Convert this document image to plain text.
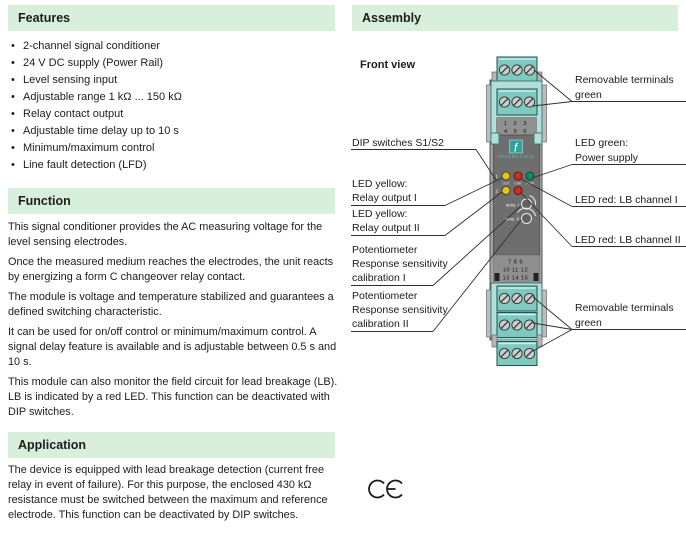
Features
• 2-channel signal conditioner
• 24 V DC supply (Power Rail)
• Level sensing input
• Adjustable range 1 kΩ ... 150 kΩ
• Relay contact output
• Adjustable time delay up to 10 s
• Minimum/maximum control
• Line fault detection (LFD)
Function

This signal conditioner provides the AC measuring voltage for the level sensing electrodes.

Once the measured medium reaches the electrodes, the unit reacts by energizing a form C changeover relay contact.

The module is voltage and temperature stabilized and guarantees a defined switching characteristic.

It can be used for on/off control or minimum/maximum control. A signal delay feature is available and is adjustable between 0.5 s and 10 s.

This module can also monitor the field circuit for lead breakage (LB). LB is indicated by a red LED. This function can be deactivated with DIP switches.

Application

The device is equipped with lead breakage detection (current free relay in event of failure). For this purpose, the enclosed 430 kΩ resistance must be switched between the maximum and reference electrode. This function can be deactivated by DIP switches.

Assembly
Front view
1 2 3
4 5 6
ƒ
KFD2-ER-2.W.LB
1
OUT CHK PWR
2
sens. I
sens. II
7 8 9
10 11 12
13 14 15
DIP switches S1/S2
LED yellow:
Relay output I
LED yellow:
Relay output II
Potentiometer
Response sensitivity
calibration I
Potentiometer
Response sensitivity
calibration II
Removable terminals
green
LED green:
Power supply
LED red: LB channel I
LED red: LB channel II
Removable terminals
green
